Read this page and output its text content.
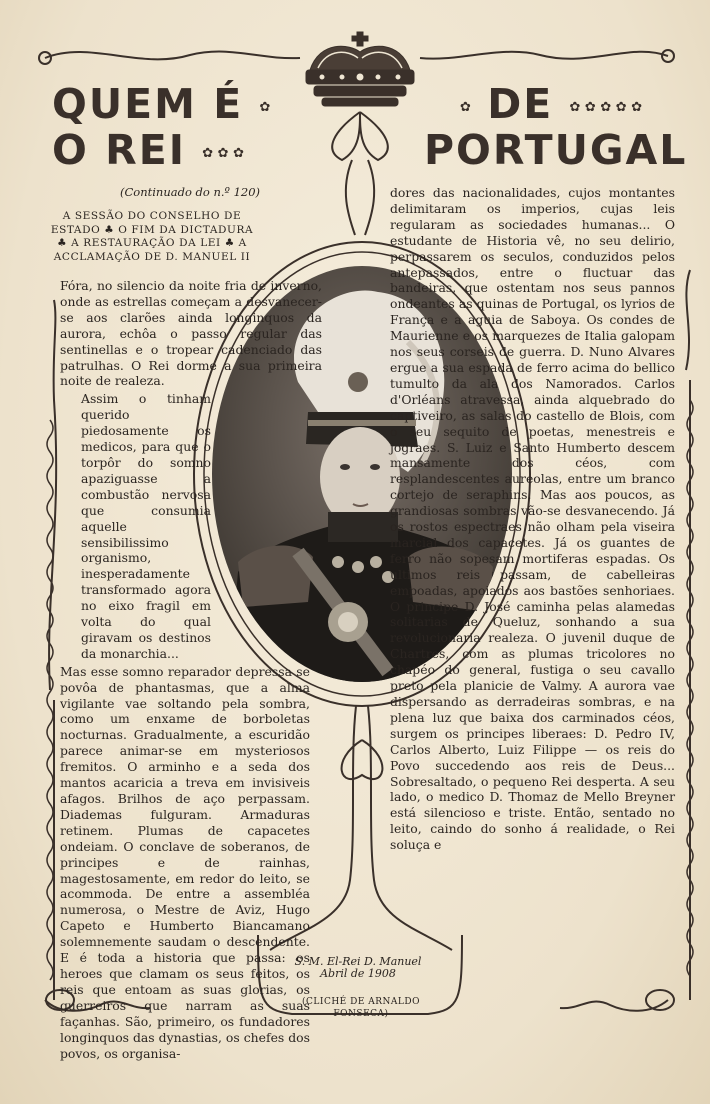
QUEM É ✿
O REI ✿ ✿ ✿
✿ DE ✿ ✿ ✿ ✿ ✿
PORTUGAL
(Continuado do n.º 120)
A SESSÃO DO CONSELHO DE ESTADO ♣ O FIM DA DICTADURA ♣ A RESTAURAÇÃO DA LEI ♣ A ACCLAMAÇÃO DE D. MANUEL II

Fóra, no silencio da noite fria de inverno, onde as estrellas começam a desvanecer-se aos clarões ainda longinquos da aurora, echôa o passo regular das sentinellas e o tropear cadenciado das patrulhas. O Rei dorme a sua primeira noite de realeza.

Assim o tinham querido piedosamente os medicos, para que o torpôr do somno apaziguasse a combustão nervosa que consumia aquelle sensibilissimo organismo, inesperadamente transformado agora no eixo fragil em volta do qual giravam os destinos da monarchia...

Mas esse somno reparador depressa se povôa de phantasmas, que a alma vigilante vae soltando pela sombra, como um enxame de borboletas nocturnas. Gradualmente, a escuridão parece animar-se em mysteriosos fremitos. O arminho e a seda dos mantos acaricia a treva em invisiveis afagos. Brilhos de aço perpassam. Diademas fulguram. Armaduras retinem. Plumas de capacetes ondeiam. O conclave de soberanos, de principes e de rainhas, magestosamente, em redor do leito, se acommoda. De entre a assembléa numerosa, o Mestre de Aviz, Hugo Capeto e Humberto Biancamano solemnemente saudam o descendente. E é toda a historia que passa: os heroes que clamam os seus feitos, os reis que entoam as suas glorias, os guerreiros que narram as suas façanhas. São, primeiro, os fundadores longinquos das dynastias, os chefes dos povos, os organisa-

dores das nacionalidades, cujos montantes delimitaram os imperios, cujas leis regularam as sociedades humanas... O estudante de Historia vê, no seu delirio, perpassarem os seculos, conduzidos pelos antepassados, entre o fluctuar das bandeiras, que ostentam nos seus pannos ondeantes as quinas de Portugal, os lyrios de França e a aguia de Saboya. Os condes de Maurienne e os marquezes de Italia galopam nos seus corseis de guerra. D. Nuno Alvares ergue a sua espada de ferro acima do bellico tumulto da ala dos Namorados. Carlos d'Orléans atravessa, ainda alquebrado do captiveiro, as salas do castello de Blois, com o seu sequito de poetas, menestreis e jograes. S. Luiz e Santo Humberto descem mansamente dos céos, com resplandescentes aureolas, entre um branco cortejo de seraphins. Mas aos poucos, as grandiosas sombras vão-se desvanecendo. Já os rostos espectraes não olham pela viseira marcial dos capacetes. Já os guantes de ferro não sopesam mortiferas espadas. Os ultimos reis passam, de cabelleiras empoadas, apoiados aos bastões senhoriaes. O principe D. José caminha pelas alamedas solitarias de Queluz, sonhando a sua revolucionaria realeza. O juvenil duque de Chartres, com as plumas tricolores no chapéo do general, fustiga o seu cavallo preto pela planicie de Valmy. A aurora vae dispersando as derradeiras sombras, e na plena luz que baixa dos carminados céos, surgem os principes liberaes: D. Pedro IV, Carlos Alberto, Luiz Filippe — os reis do Povo succedendo aos reis de Deus... Sobresaltado, o pequeno Rei desperta. A seu lado, o medico D. Thomaz de Mello Breyner está silencioso e triste. Então, sentado no leito, caindo do sonho á realidade, o Rei soluça e

S. M. El-Rei D. Manuel
Abril de 1908
(CLICHÉ DE ARNALDO
FONSECA)
